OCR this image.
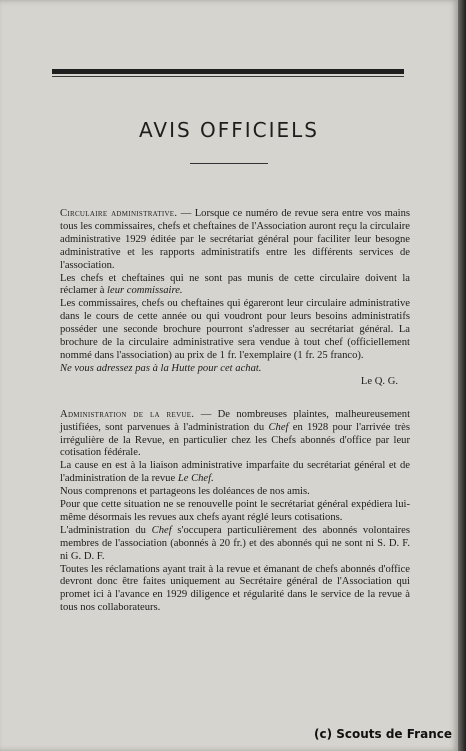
AVIS OFFICIELS

Circulaire administrative. — Lorsque ce numéro de revue sera entre vos mains tous les commissaires, chefs et cheftaines de l'Association auront reçu la circulaire administrative 1929 éditée par le secrétariat général pour faciliter leur besogne administrative et les rapports administratifs entre les différents services de l'association.

Les chefs et cheftaines qui ne sont pas munis de cette circulaire doivent la réclamer à leur commissaire.

Les commissaires, chefs ou cheftaines qui égareront leur circulaire administrative dans le cours de cette année ou qui voudront pour leurs besoins administratifs posséder une seconde brochure pourront s'adresser au secrétariat général. La brochure de la circulaire administrative sera vendue à tout chef (officiellement nommé dans l'association) au prix de 1 fr. l'exemplaire (1 fr. 25 franco).

Ne vous adressez pas à la Hutte pour cet achat.

Le Q. G.

Administration de la revue. — De nombreuses plaintes, malheureusement justifiées, sont parvenues à l'administration du Chef en 1928 pour l'arrivée très irrégulière de la Revue, en particulier chez les Chefs abonnés d'office par leur cotisation fédérale.

La cause en est à la liaison administrative imparfaite du secrétariat général et de l'administration de la revue Le Chef.

Nous comprenons et partageons les doléances de nos amis.

Pour que cette situation ne se renouvelle point le secrétariat général expédiera lui-même désormais les revues aux chefs ayant réglé leurs cotisations.

L'administration du Chef s'occupera particulièrement des abonnés volontaires membres de l'association (abonnés à 20 fr.) et des abonnés qui ne sont ni S. D. F. ni G. D. F.

Toutes les réclamations ayant trait à la revue et émanant de chefs abonnés d'office devront donc être faites uniquement au Secrétaire général de l'Association qui promet ici à l'avance en 1929 diligence et régularité dans le service de la revue à tous nos collaborateurs.

(c) Scouts de France
